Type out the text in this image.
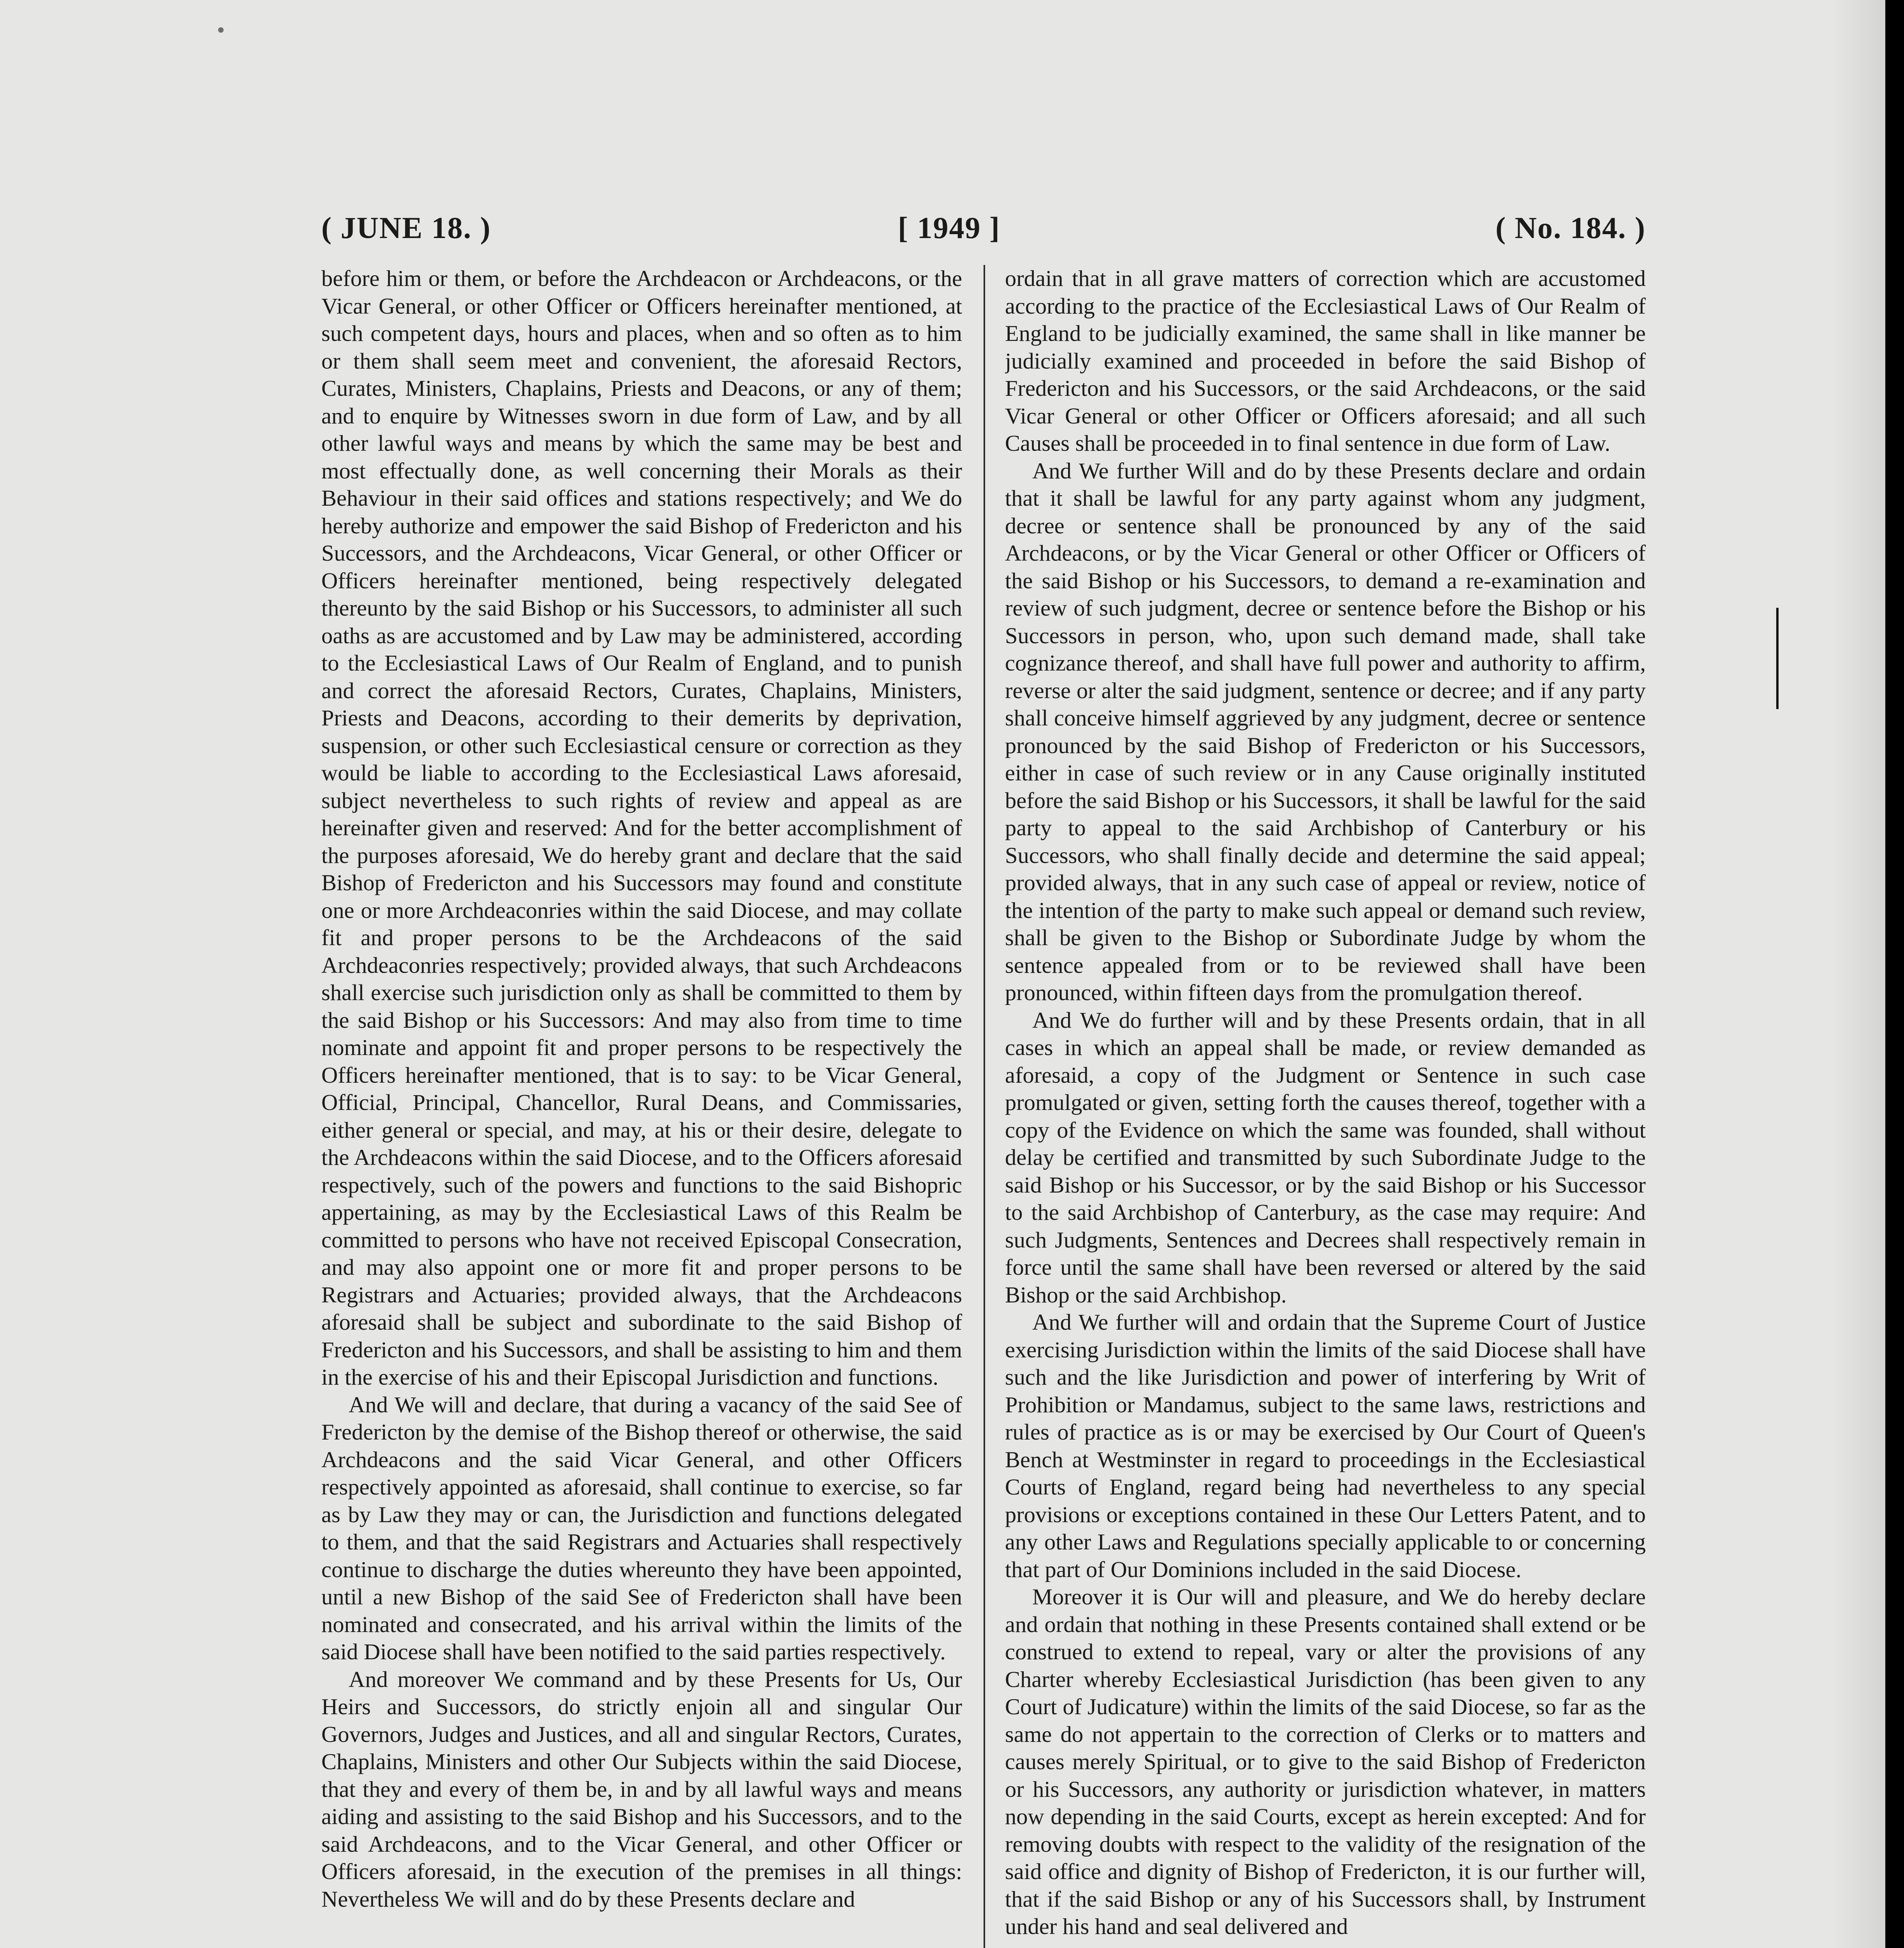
( JUNE 18. )	[ 1949 ]	( No. 184. )

before him or them, or before the Archdeacon or Archdeacons, or the Vicar General, or other Officer or Officers hereinafter mentioned, at such competent days, hours and places, when and so often as to him or them shall seem meet and convenient, the aforesaid Rectors, Curates, Ministers, Chaplains, Priests and Deacons, or any of them; and to enquire by Witnesses sworn in due form of Law, and by all other lawful ways and means by which the same may be best and most effectually done, as well concerning their Morals as their Behaviour in their said offices and stations respectively; and We do hereby authorize and empower the said Bishop of Fredericton and his Successors, and the Archdeacons, Vicar General, or other Officer or Officers hereinafter mentioned, being respectively delegated thereunto by the said Bishop or his Successors, to administer all such oaths as are accustomed and by Law may be administered, according to the Ecclesiastical Laws of Our Realm of England, and to punish and correct the aforesaid Rectors, Curates, Chaplains, Ministers, Priests and Deacons, according to their demerits by deprivation, suspension, or other such Ecclesiastical censure or correction as they would be liable to according to the Ecclesiastical Laws aforesaid, subject nevertheless to such rights of review and appeal as are hereinafter given and reserved: And for the better accomplishment of the purposes aforesaid, We do hereby grant and declare that the said Bishop of Fredericton and his Successors may found and constitute one or more Archdeaconries within the said Diocese, and may collate fit and proper persons to be the Archdeacons of the said Archdeaconries respectively; provided always, that such Archdeacons shall exercise such jurisdiction only as shall be committed to them by the said Bishop or his Successors: And may also from time to time nominate and appoint fit and proper persons to be respectively the Officers hereinafter mentioned, that is to say: to be Vicar General, Official, Principal, Chancellor, Rural Deans, and Commissaries, either general or special, and may, at his or their desire, delegate to the Archdeacons within the said Diocese, and to the Officers aforesaid respectively, such of the powers and functions to the said Bishopric appertaining, as may by the Ecclesiastical Laws of this Realm be committed to persons who have not received Episcopal Consecration, and may also appoint one or more fit and proper persons to be Registrars and Actuaries; provided always, that the Archdeacons aforesaid shall be subject and subordinate to the said Bishop of Fredericton and his Successors, and shall be assisting to him and them in the exercise of his and their Episcopal Jurisdiction and functions.

And We will and declare, that during a vacancy of the said See of Fredericton by the demise of the Bishop thereof or otherwise, the said Archdeacons and the said Vicar General, and other Officers respectively appointed as aforesaid, shall continue to exercise, so far as by Law they may or can, the Jurisdiction and functions delegated to them, and that the said Registrars and Actuaries shall respectively continue to discharge the duties whereunto they have been appointed, until a new Bishop of the said See of Fredericton shall have been nominated and consecrated, and his arrival within the limits of the said Diocese shall have been notified to the said parties respectively.

And moreover We command and by these Presents for Us, Our Heirs and Successors, do strictly enjoin all and singular Our Governors, Judges and Justices, and all and singular Rectors, Curates, Chaplains, Ministers and other Our Subjects within the said Diocese, that they and every of them be, in and by all lawful ways and means aiding and assisting to the said Bishop and his Successors, and to the said Archdeacons, and to the Vicar General, and other Officer or Officers aforesaid, in the execution of the premises in all things: Nevertheless We will and do by these Presents declare and

ordain that in all grave matters of correction which are accustomed according to the practice of the Ecclesiastical Laws of Our Realm of England to be judicially examined, the same shall in like manner be judicially examined and proceeded in before the said Bishop of Fredericton and his Successors, or the said Archdeacons, or the said Vicar General or other Officer or Officers aforesaid; and all such Causes shall be proceeded in to final sentence in due form of Law.

And We further Will and do by these Presents declare and ordain that it shall be lawful for any party against whom any judgment, decree or sentence shall be pronounced by any of the said Archdeacons, or by the Vicar General or other Officer or Officers of the said Bishop or his Successors, to demand a re-examination and review of such judgment, decree or sentence before the Bishop or his Successors in person, who, upon such demand made, shall take cognizance thereof, and shall have full power and authority to affirm, reverse or alter the said judgment, sentence or decree; and if any party shall conceive himself aggrieved by any judgment, decree or sentence pronounced by the said Bishop of Fredericton or his Successors, either in case of such review or in any Cause originally instituted before the said Bishop or his Successors, it shall be lawful for the said party to appeal to the said Archbishop of Canterbury or his Successors, who shall finally decide and determine the said appeal; provided always, that in any such case of appeal or review, notice of the intention of the party to make such appeal or demand such review, shall be given to the Bishop or Subordinate Judge by whom the sentence appealed from or to be reviewed shall have been pronounced, within fifteen days from the promulgation thereof.

And We do further will and by these Presents ordain, that in all cases in which an appeal shall be made, or review demanded as aforesaid, a copy of the Judgment or Sentence in such case promulgated or given, setting forth the causes thereof, together with a copy of the Evidence on which the same was founded, shall without delay be certified and transmitted by such Subordinate Judge to the said Bishop or his Successor, or by the said Bishop or his Successor to the said Archbishop of Canterbury, as the case may require: And such Judgments, Sentences and Decrees shall respectively remain in force until the same shall have been reversed or altered by the said Bishop or the said Archbishop.

And We further will and ordain that the Supreme Court of Justice exercising Jurisdiction within the limits of the said Diocese shall have such and the like Jurisdiction and power of interfering by Writ of Prohibition or Mandamus, subject to the same laws, restrictions and rules of practice as is or may be exercised by Our Court of Queen's Bench at Westminster in regard to proceedings in the Ecclesiastical Courts of England, regard being had nevertheless to any special provisions or exceptions contained in these Our Letters Patent, and to any other Laws and Regulations specially applicable to or concerning that part of Our Dominions included in the said Diocese.

Moreover it is Our will and pleasure, and We do hereby declare and ordain that nothing in these Presents contained shall extend or be construed to extend to repeal, vary or alter the provisions of any Charter whereby Ecclesiastical Jurisdiction (has been given to any Court of Judicature) within the limits of the said Diocese, so far as the same do not appertain to the correction of Clerks or to matters and causes merely Spiritual, or to give to the said Bishop of Fredericton or his Successors, any authority or jurisdiction whatever, in matters now depending in the said Courts, except as herein excepted: And for removing doubts with respect to the validity of the resignation of the said office and dignity of Bishop of Fredericton, it is our further will, that if the said Bishop or any of his Successors shall, by Instrument under his hand and seal delivered and
